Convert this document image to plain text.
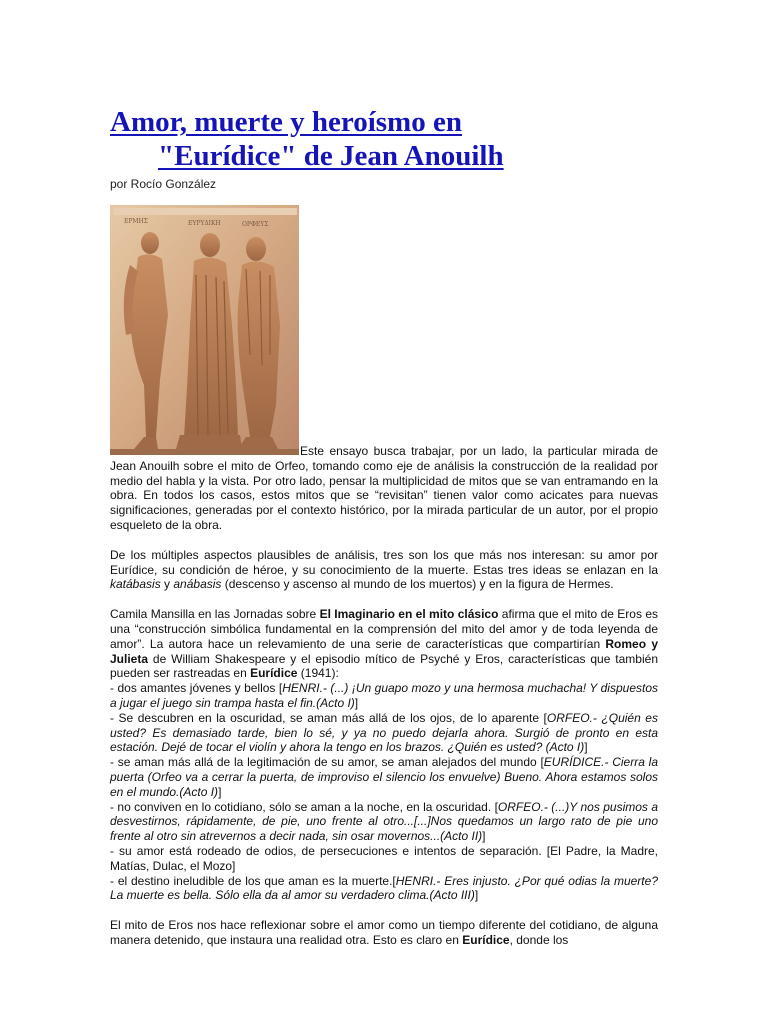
Amor, muerte y heroísmo en
"Eurídice" de Jean Anouilh

por Rocío González

ΕΡΜΗΣ	ΕΥΡΥΔΙΚΗ	ΟΡΦΕΥΣ

Este ensayo busca trabajar, por un lado, la particular mirada de Jean Anouilh sobre el mito de Orfeo, tomando como eje de análisis la construcción de la realidad por medio del habla y la vista. Por otro lado, pensar la multiplicidad de mitos que se van entramando en la obra. En todos los casos, estos mitos que se “revisitan” tienen valor como acicates para nuevas significaciones, generadas por el contexto histórico, por la mirada particular de un autor, por el propio esqueleto de la obra.

De los múltiples aspectos plausibles de análisis, tres son los que más nos interesan: su amor por Eurídice, su condición de héroe, y su conocimiento de la muerte. Estas tres ideas se enlazan en la katábasis y anábasis (descenso y ascenso al mundo de los muertos) y en la figura de Hermes.

Camila Mansilla en las Jornadas sobre El Imaginario en el mito clásico afirma que el mito de Eros es una “construcción simbólica fundamental en la comprensión del mito del amor y de toda leyenda de amor”. La autora hace un relevamiento de una serie de características que compartirían Romeo y Julieta de William Shakespeare y el episodio mítico de Psyché y Eros, características que también pueden ser rastreadas en Eurídice (1941):

- dos amantes jóvenes y bellos [HENRI.- (...) ¡Un guapo mozo y una hermosa muchacha! Y dispuestos a jugar el juego sin trampa hasta el fin.(Acto I)]
- Se descubren en la oscuridad, se aman más allá de los ojos, de lo aparente [ORFEO.- ¿Quién es usted? Es demasiado tarde, bien lo sé, y ya no puedo dejarla ahora. Surgió de pronto en esta estación. Dejé de tocar el violín y ahora la tengo en los brazos. ¿Quién es usted? (Acto I)]
- se aman más allá de la legitimación de su amor, se aman alejados del mundo [EURÍDICE.- Cierra la puerta (Orfeo va a cerrar la puerta, de improviso el silencio los envuelve) Bueno. Ahora estamos solos en el mundo.(Acto I)]
- no conviven en lo cotidiano, sólo se aman a la noche, en la oscuridad. [ORFEO.- (...)Y nos pusimos a desvestirnos, rápidamente, de pie, uno frente al otro...[...]Nos quedamos un largo rato de pie uno frente al otro sin atrevernos a decir nada, sin osar movernos...(Acto II)]
- su amor está rodeado de odios, de persecuciones e intentos de separación. [El Padre, la Madre, Matías, Dulac, el Mozo]
- el destino ineludible de los que aman es la muerte.[HENRI.- Eres injusto. ¿Por qué odias la muerte? La muerte es bella. Sólo ella da al amor su verdadero clima.(Acto III)]

El mito de Eros nos hace reflexionar sobre el amor como un tiempo diferente del cotidiano, de alguna manera detenido, que instaura una realidad otra. Esto es claro en Eurídice, donde los
